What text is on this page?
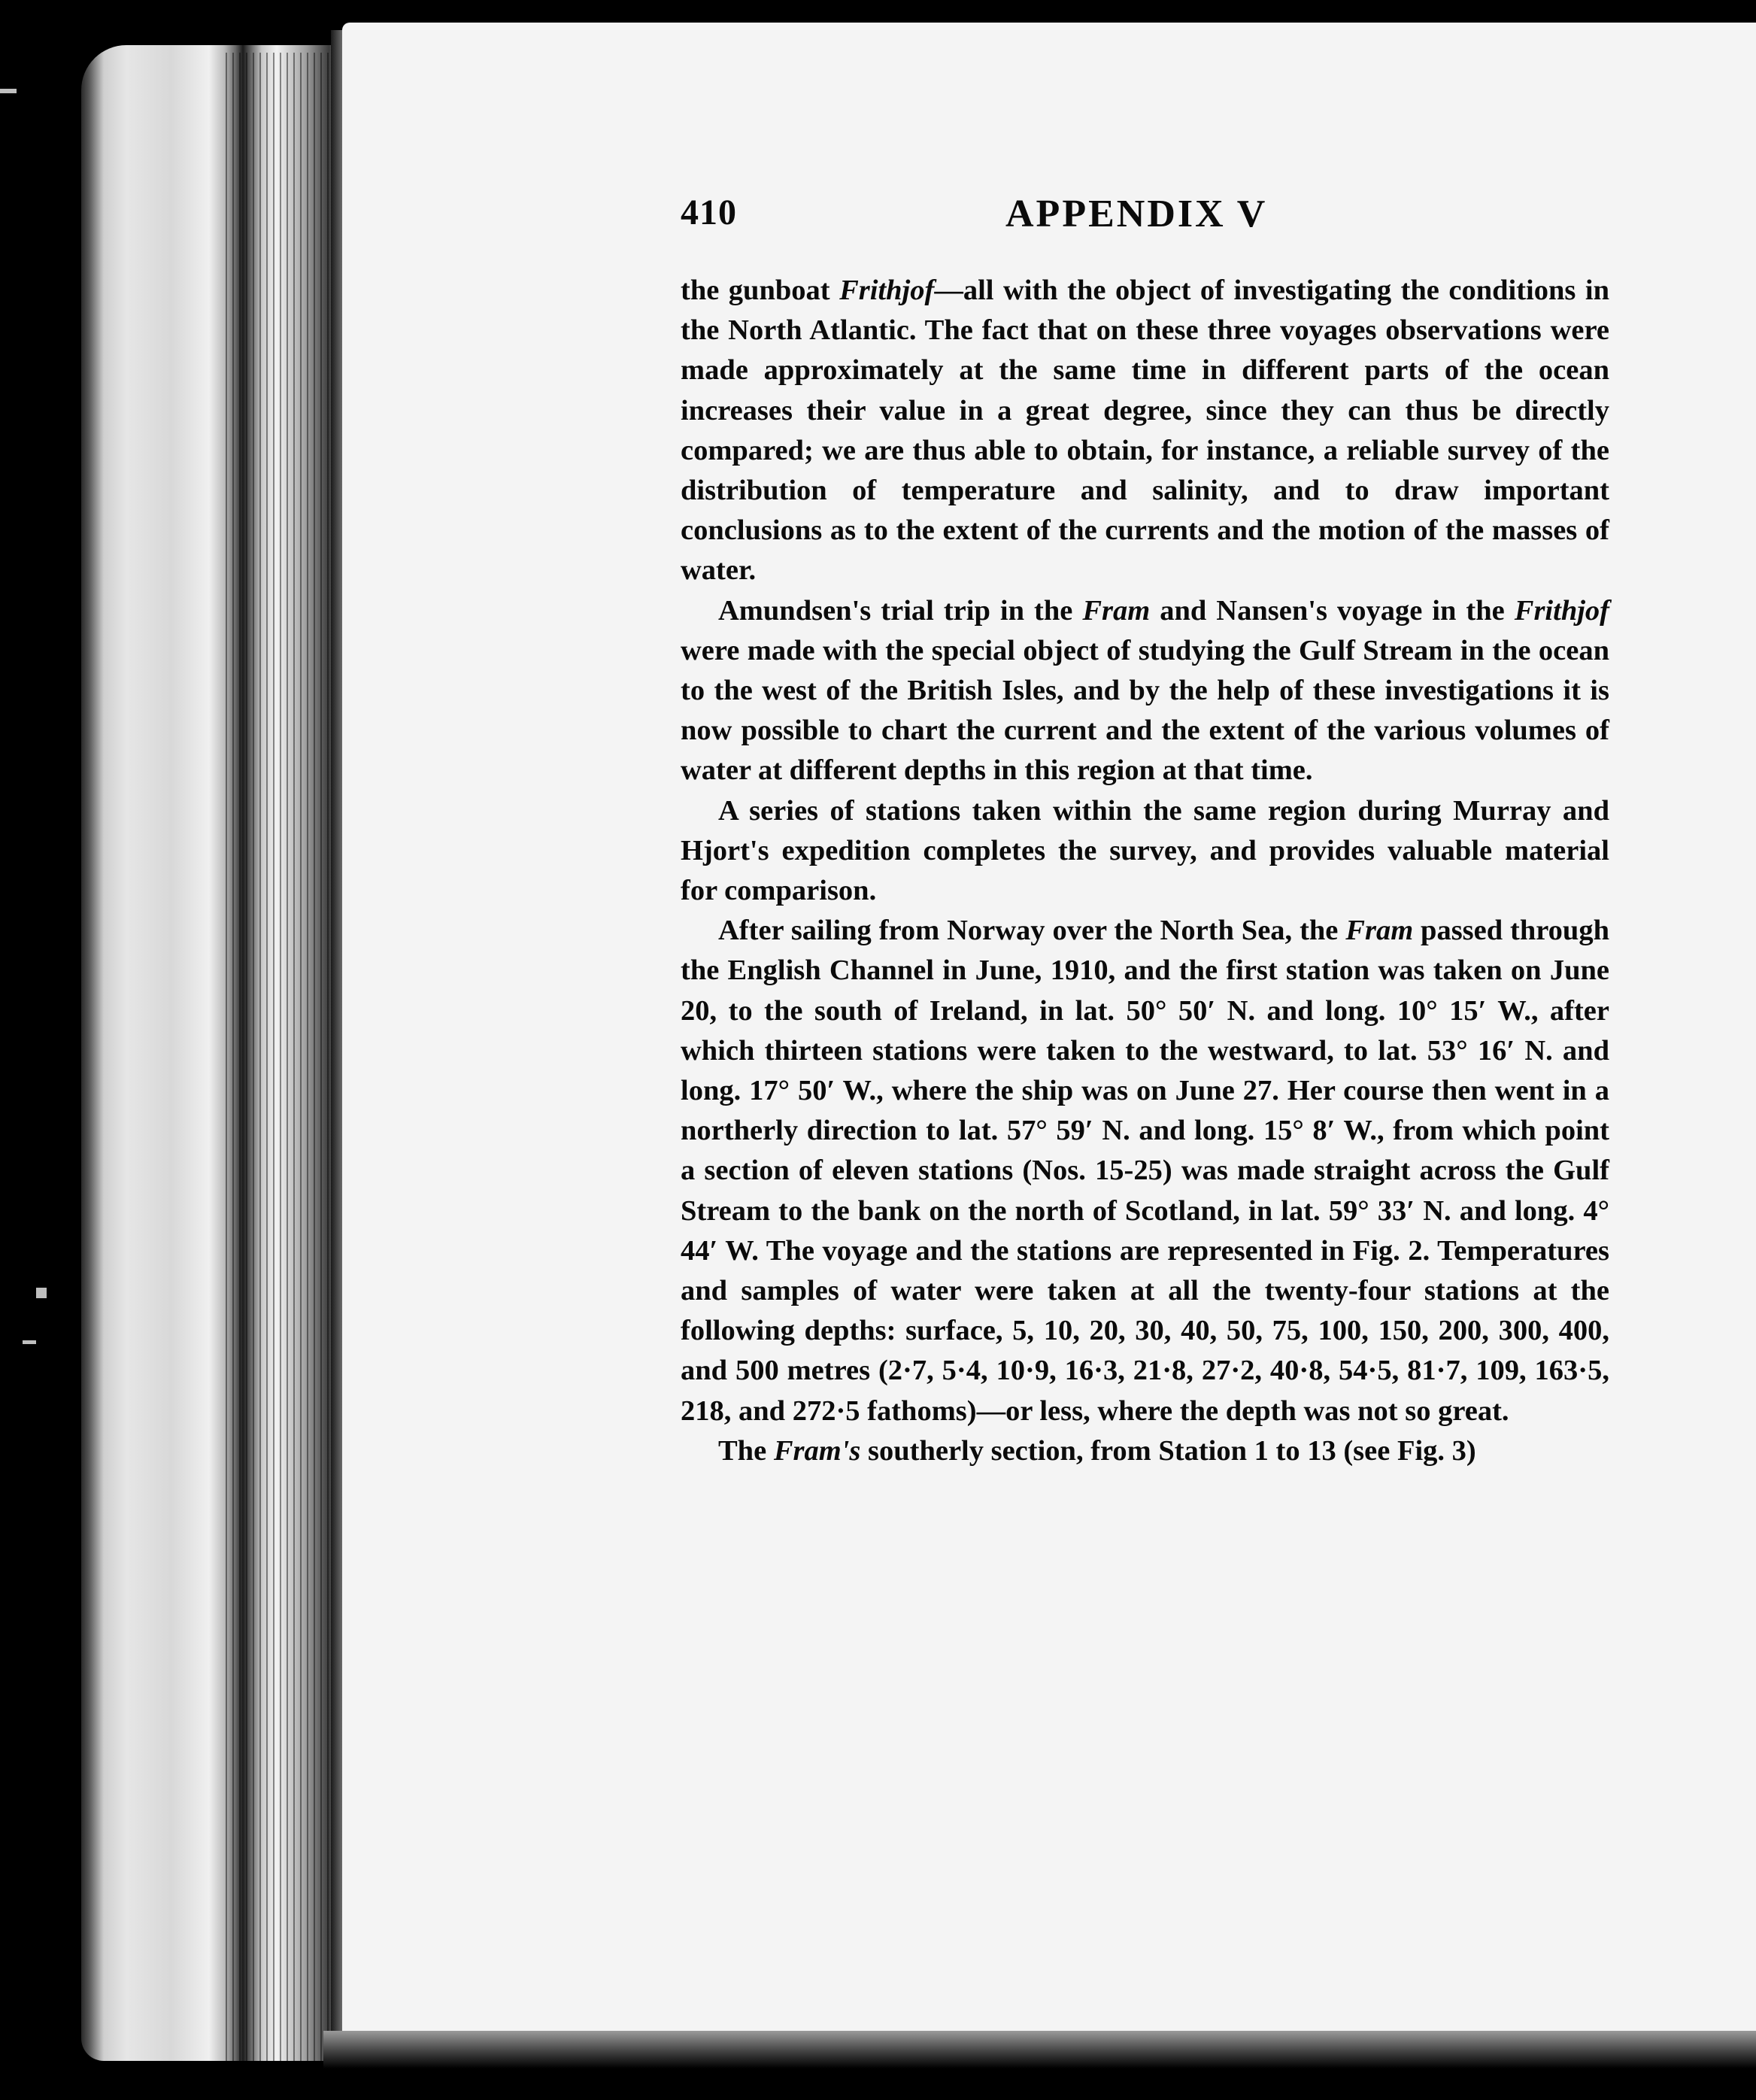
410	APPENDIX V

the gunboat Frithjof—all with the object of investigating the conditions in the North Atlantic. The fact that on these three voyages observations were made approximately at the same time in different parts of the ocean increases their value in a great degree, since they can thus be directly compared; we are thus able to obtain, for instance, a reliable survey of the distribution of temperature and salinity, and to draw important conclusions as to the extent of the currents and the motion of the masses of water.

Amundsen's trial trip in the Fram and Nansen's voyage in the Frithjof were made with the special object of studying the Gulf Stream in the ocean to the west of the British Isles, and by the help of these investigations it is now possible to chart the current and the extent of the various volumes of water at different depths in this region at that time.

A series of stations taken within the same region during Murray and Hjort's expedition completes the survey, and provides valuable material for comparison.

After sailing from Norway over the North Sea, the Fram passed through the English Channel in June, 1910, and the first station was taken on June 20, to the south of Ireland, in lat. 50° 50′ N. and long. 10° 15′ W., after which thirteen stations were taken to the westward, to lat. 53° 16′ N. and long. 17° 50′ W., where the ship was on June 27. Her course then went in a northerly direction to lat. 57° 59′ N. and long. 15° 8′ W., from which point a section of eleven stations (Nos. 15-25) was made straight across the Gulf Stream to the bank on the north of Scotland, in lat. 59° 33′ N. and long. 4° 44′ W. The voyage and the stations are represented in Fig. 2. Temperatures and samples of water were taken at all the twenty-four stations at the following depths: surface, 5, 10, 20, 30, 40, 50, 75, 100, 150, 200, 300, 400, and 500 metres (2·7, 5·4, 10·9, 16·3, 21·8, 27·2, 40·8, 54·5, 81·7, 109, 163·5, 218, and 272·5 fathoms)—or less, where the depth was not so great.

The Fram's southerly section, from Station 1 to 13 (see Fig. 3)
